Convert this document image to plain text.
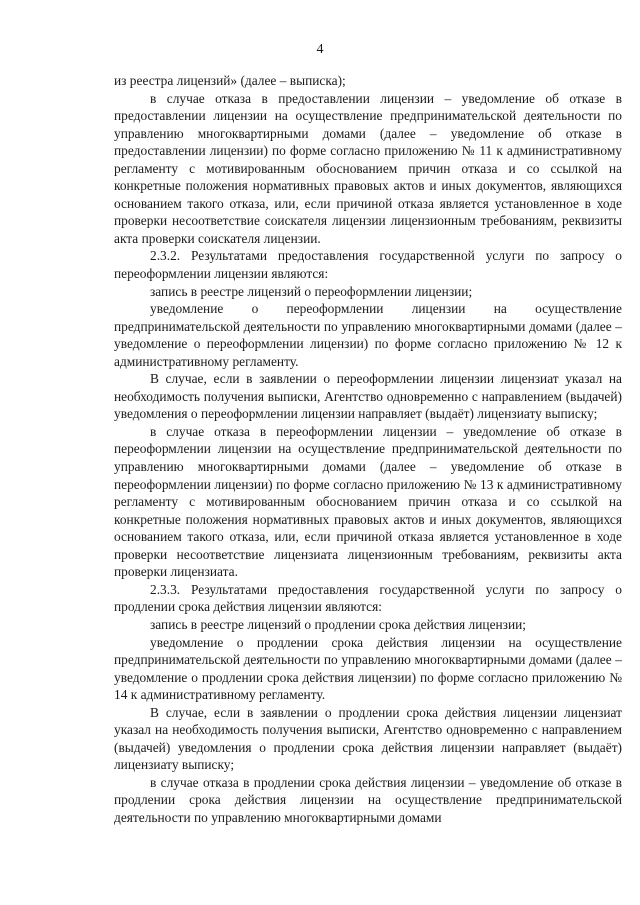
4

из реестра лицензий» (далее – выписка);

в случае отказа в предоставлении лицензии – уведомление об отказе в предоставлении лицензии на осуществление предпринимательской деятельности по управлению многоквартирными домами (далее – уведомление об отказе в предоставлении лицензии) по форме согласно приложению № 11 к административному регламенту с мотивированным обоснованием причин отказа и со ссылкой на конкретные положения нормативных правовых актов и иных документов, являющихся основанием такого отказа, или, если причиной отказа является установленное в ходе проверки несоответствие соискателя лицензии лицензионным требованиям, реквизиты акта проверки соискателя лицензии.

2.3.2. Результатами предоставления государственной услуги по запросу о переоформлении лицензии являются:

запись в реестре лицензий о переоформлении лицензии;

уведомление о переоформлении лицензии на осуществление предпринимательской деятельности по управлению многоквартирными домами (далее – уведомление о переоформлении лицензии) по форме согласно приложению № 12 к административному регламенту.

В случае, если в заявлении о переоформлении лицензии лицензиат указал на необходимость получения выписки, Агентство одновременно с направлением (выдачей) уведомления о переоформлении лицензии направляет (выдаёт) лицензиату выписку;

в случае отказа в переоформлении лицензии – уведомление об отказе в переоформлении лицензии на осуществление предпринимательской деятельности по управлению многоквартирными домами (далее – уведомление об отказе в переоформлении лицензии) по форме согласно приложению № 13 к административному регламенту с мотивированным обоснованием причин отказа и со ссылкой на конкретные положения нормативных правовых актов и иных документов, являющихся основанием такого отказа, или, если причиной отказа является установленное в ходе проверки несоответствие лицензиата лицензионным требованиям, реквизиты акта проверки лицензиата.

2.3.3. Результатами предоставления государственной услуги по запросу о продлении срока действия лицензии являются:

запись в реестре лицензий о продлении срока действия лицензии;

уведомление о продлении срока действия лицензии на осуществление предпринимательской деятельности по управлению многоквартирными домами (далее – уведомление о продлении срока действия лицензии) по форме согласно приложению № 14 к административному регламенту.

В случае, если в заявлении о продлении срока действия лицензии лицензиат указал на необходимость получения выписки, Агентство одновременно с направлением (выдачей) уведомления о продлении срока действия лицензии направляет (выдаёт) лицензиату выписку;

в случае отказа в продлении срока действия лицензии – уведомление об отказе в продлении срока действия лицензии на осуществление предпринимательской деятельности по управлению многоквартирными домами
